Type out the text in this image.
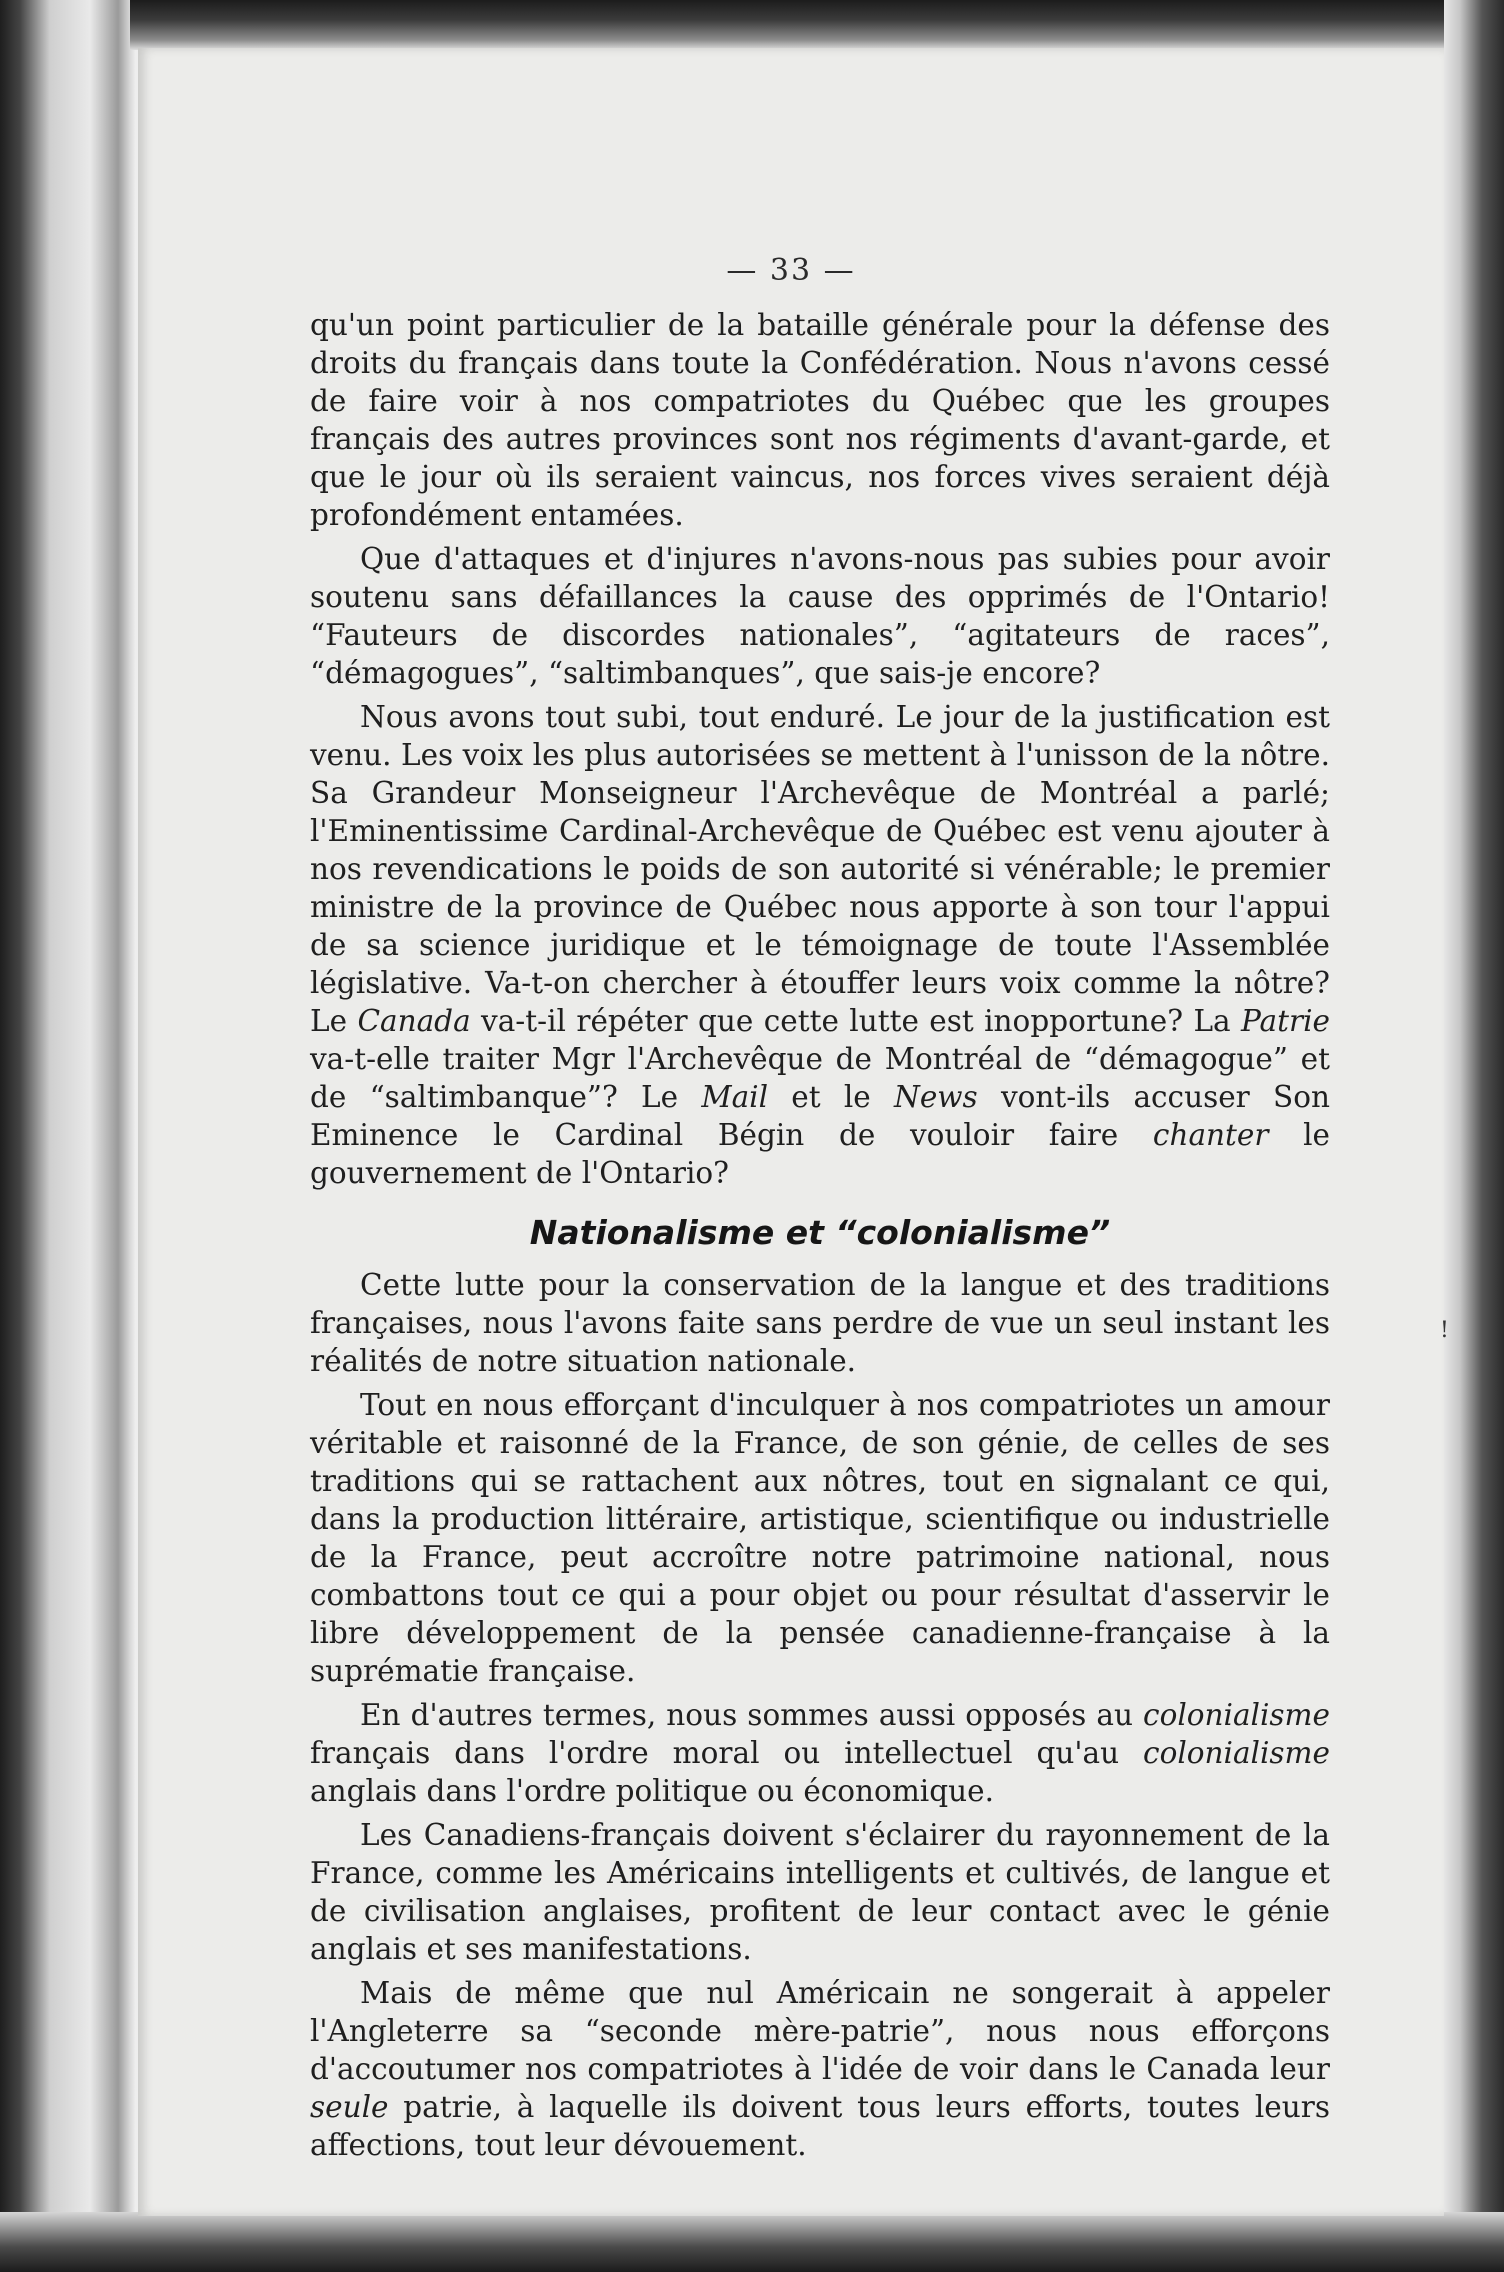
— 33 —

qu'un point particulier de la bataille générale pour la défense des droits du français dans toute la Confédération. Nous n'avons cessé de faire voir à nos compatriotes du Québec que les groupes français des autres provinces sont nos régiments d'avant-garde, et que le jour où ils seraient vaincus, nos forces vives seraient déjà profondément entamées.

Que d'attaques et d'injures n'avons-nous pas subies pour avoir soutenu sans défaillances la cause des opprimés de l'Ontario! “Fauteurs de discordes nationales”, “agitateurs de races”, “démagogues”, “saltimbanques”, que sais-je encore?

Nous avons tout subi, tout enduré. Le jour de la justification est venu. Les voix les plus autorisées se mettent à l'unisson de la nôtre. Sa Grandeur Monseigneur l'Archevêque de Montréal a parlé; l'Eminentissime Cardinal-Archevêque de Québec est venu ajouter à nos revendications le poids de son autorité si vénérable; le premier ministre de la province de Québec nous apporte à son tour l'appui de sa science juridique et le témoignage de toute l'Assemblée législative. Va-t-on chercher à étouffer leurs voix comme la nôtre? Le Canada va-t-il répéter que cette lutte est inopportune? La Patrie va-t-elle traiter Mgr l'Archevêque de Montréal de “démagogue” et de “saltimbanque”? Le Mail et le News vont-ils accuser Son Eminence le Cardinal Bégin de vouloir faire chanter le gouvernement de l'Ontario?

Nationalisme et “colonialisme”

Cette lutte pour la conservation de la langue et des traditions françaises, nous l'avons faite sans perdre de vue un seul instant les réalités de notre situation nationale.

Tout en nous efforçant d'inculquer à nos compatriotes un amour véritable et raisonné de la France, de son génie, de celles de ses traditions qui se rattachent aux nôtres, tout en signalant ce qui, dans la production littéraire, artistique, scientifique ou industrielle de la France, peut accroître notre patrimoine national, nous combattons tout ce qui a pour objet ou pour résultat d'asservir le libre développement de la pensée canadienne-française à la suprématie française.

En d'autres termes, nous sommes aussi opposés au colonialisme français dans l'ordre moral ou intellectuel qu'au colonialisme anglais dans l'ordre politique ou économique.

Les Canadiens-français doivent s'éclairer du rayonnement de la France, comme les Américains intelligents et cultivés, de langue et de civilisation anglaises, profitent de leur contact avec le génie anglais et ses manifestations.

Mais de même que nul Américain ne songerait à appeler l'Angleterre sa “seconde mère-patrie”, nous nous efforçons d'accoutumer nos compatriotes à l'idée de voir dans le Canada leur seule patrie, à laquelle ils doivent tous leurs efforts, toutes leurs affections, tout leur dévouement.

!
